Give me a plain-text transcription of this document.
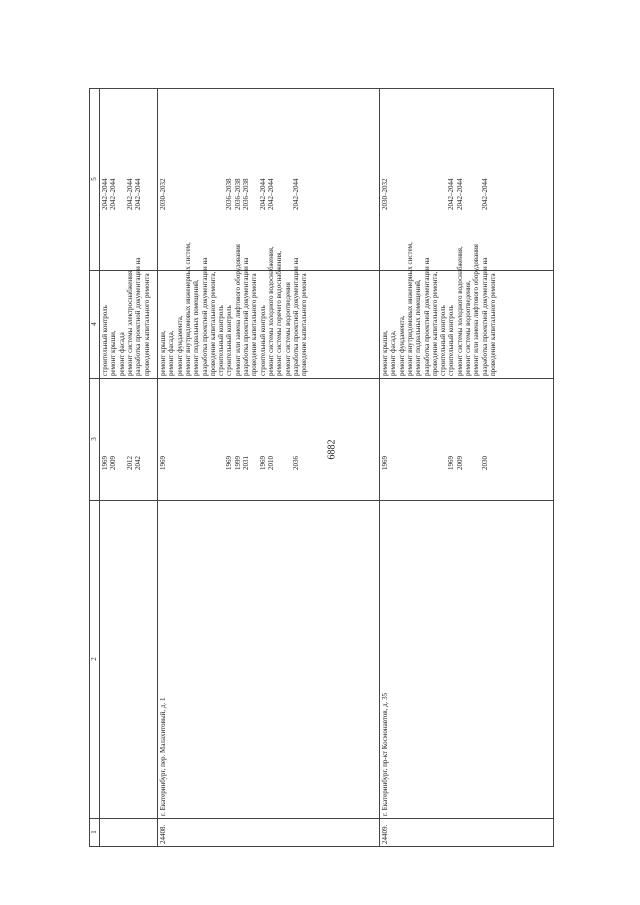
6882
1
2
3
4
5
1969
строительный контроль
2042–2044
2009
ремонт крыши,
2042–2044
ремонт фасада
2012
ремонт системы электроснабжения
2042–2044
2042
разработка проектной документации на
2042–2044
проведение капитального ремонта
24408.
г. Екатеринбург, пер. Малахитовый, д. 1
1969
ремонт крыши,
2030–2032
ремонт фасада, ремонт фундамента, ремонт внутридомовых инженерных систем, ремонт подвальных помещений, разработка проектной документации на проведение капитального ремонта, строительный контроль
1969
строительный контроль
2036–2038
1999
ремонт или замена лифтового оборудования
2036–2038
2031
разработка проектной документации на
2036–2038
проведение капитального ремонта
1969
строительный контроль
2042–2044
2010
ремонт системы холодного водоснабжения,
2042–2044
ремонт системы горячего водоснабжения, ремонт системы водоотведения
2036
разработка проектной документации на
2042–2044
проведение капитального ремонта
24409.
г. Екатеринбург, пр-кт Космонавтов, д. 35
1969
ремонт крыши,
2030–2032
ремонт фасада, ремонт фундамента, ремонт внутридомовых инженерных систем, ремонт подвальных помещений, разработка проектной документации на проведение капитального ремонта, строительный контроль
1969
строительный контроль
2042–2044
2009
ремонт системы холодного водоснабжения,
2042–2044
ремонт системы водоотведения, ремонт или замена лифтового оборудования
2030
разработка проектной документации на
2042–2044
проведение капитального ремонта
